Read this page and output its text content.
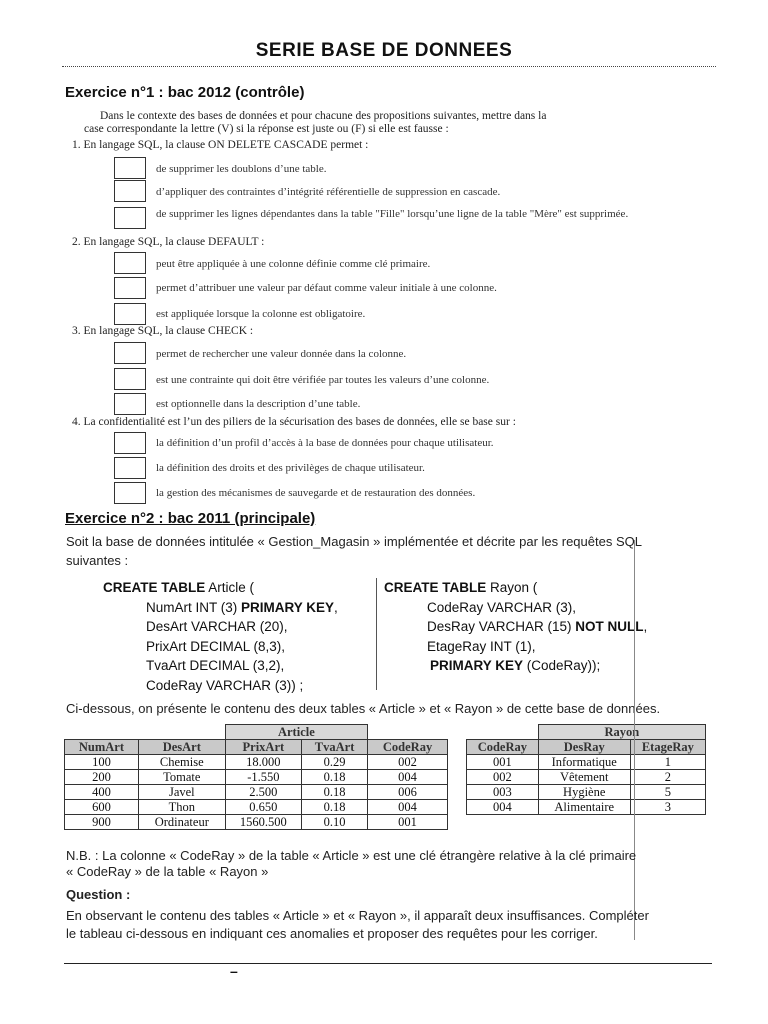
SERIE BASE DE DONNEES
Exercice n°1 : bac 2012 (contrôle)
Dans le contexte des bases de données et pour chacune des propositions suivantes, mettre dans la
case correspondante la lettre (V) si la réponse est juste ou (F) si elle est fausse :
1. En langage SQL, la clause ON DELETE CASCADE permet :
de supprimer les doublons d’une table.
d’appliquer des contraintes d’intégrité référentielle de suppression en cascade.
de supprimer les lignes dépendantes dans la table "Fille" lorsqu’une ligne de la table "Mère" est supprimée.
2. En langage SQL, la clause DEFAULT :
peut être appliquée à une colonne définie comme clé primaire.
permet d’attribuer une valeur par défaut comme valeur initiale à une colonne.
est appliquée lorsque la colonne est obligatoire.
3. En langage SQL, la clause CHECK :
permet de rechercher une valeur donnée dans la colonne.
est une contrainte qui doit être vérifiée par toutes les valeurs d’une colonne.
est optionnelle dans la description d’une table.
4. La confidentialité est l’un des piliers de la sécurisation des bases de données, elle se base sur :
la définition d’un profil d’accès à la base de données pour chaque utilisateur.
la définition des droits et des privilèges de chaque utilisateur.
la gestion des mécanismes de sauvegarde et de restauration des données.
Exercice n°2 : bac 2011 (principale)
Soit la base de données intitulée « Gestion_Magasin » implémentée et décrite par les requêtes SQL
suivantes :
CREATE TABLE Article (
NumArt INT (3) PRIMARY KEY,
DesArt VARCHAR (20),
PrixArt DECIMAL (8,3),
TvaArt DECIMAL (3,2),
CodeRay VARCHAR (3)) ;
CREATE TABLE Rayon (
CodeRay VARCHAR (3),
DesRay VARCHAR (15) NOT NULL,
EtageRay INT (1),
PRIMARY KEY (CodeRay));
Ci-dessous, on présente le contenu des deux tables « Article » et « Rayon » de cette base de données.
		Article		
NumArt	DesArt	PrixArt	TvaArt	CodeRay
100	Chemise	18.000	0.29	002
200	Tomate	-1.550	0.18	004
400	Javel	2.500	0.18	006
600	Thon	0.650	0.18	004
900	Ordinateur	1560.500	0.10	001
	Rayon	
CodeRay	DesRay	EtageRay
001	Informatique	1
002	Vêtement	2
003	Hygiène	5
004	Alimentaire	3
N.B. : La colonne « CodeRay » de la table « Article » est une clé étrangère relative à la clé primaire
« CodeRay » de la table « Rayon »
Question :
En observant le contenu des tables « Article » et « Rayon », il apparaît deux insuffisances. Compléter
le tableau ci-dessous en indiquant ces anomalies et proposer des requêtes pour les corriger.
–
